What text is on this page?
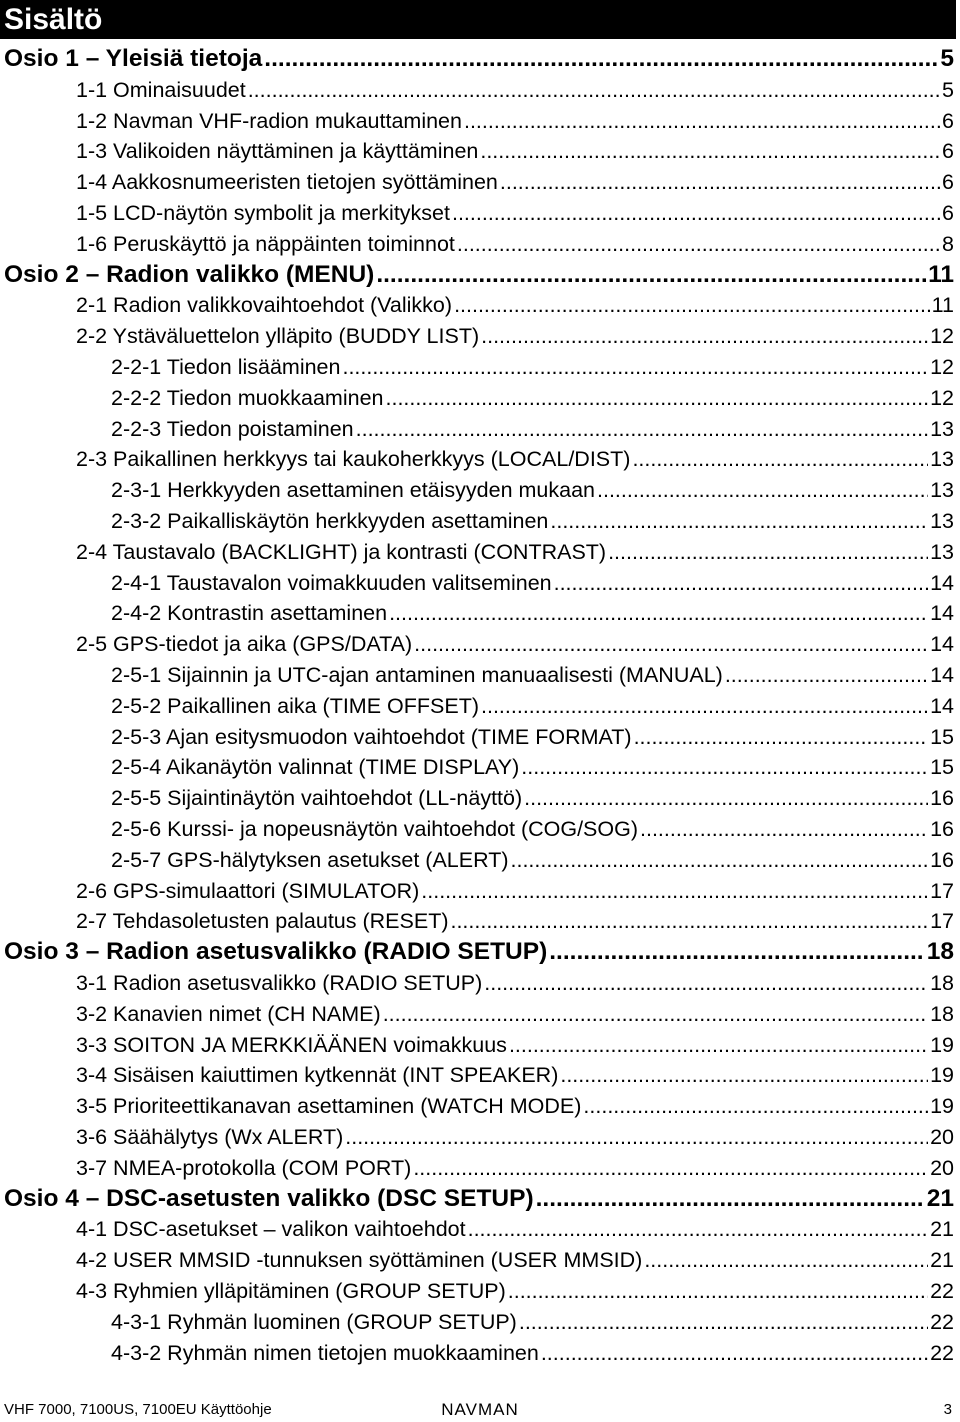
Sisältö
Osio 1 – Yleisiä tietoja .....	5
1-1 Ominaisuudet .....	5
1-2 Navman VHF-radion mukauttaminen .....	6
1-3 Valikoiden näyttäminen ja käyttäminen .....	6
1-4 Aakkosnumeeristen tietojen syöttäminen .....	6
1-5 LCD-näytön symbolit ja merkitykset .....	6
1-6 Peruskäyttö ja näppäinten toiminnot .....	8
Osio 2 – Radion valikko (MENU) .....	11
2-1 Radion valikkovaihtoehdot (Valikko) .....	11
2-2 Ystäväluettelon ylläpito (BUDDY LIST) .....	12
2-2-1 Tiedon lisääminen .....	12
2-2-2 Tiedon muokkaaminen .....	12
2-2-3 Tiedon poistaminen .....	13
2-3 Paikallinen herkkyys tai kaukoherkkyys (LOCAL/DIST) .....	13
2-3-1 Herkkyyden asettaminen etäisyyden mukaan .....	13
2-3-2 Paikalliskäytön herkkyyden asettaminen .....	13
2-4 Taustavalo (BACKLIGHT) ja kontrasti (CONTRAST) .....	13
2-4-1 Taustavalon voimakkuuden valitseminen .....	14
2-4-2 Kontrastin asettaminen .....	14
2-5 GPS-tiedot ja aika (GPS/DATA) .....	14
2-5-1 Sijainnin ja UTC-ajan antaminen manuaalisesti (MANUAL) .....	14
2-5-2 Paikallinen aika (TIME OFFSET) .....	14
2-5-3 Ajan esitysmuodon vaihtoehdot (TIME FORMAT) .....	15
2-5-4 Aikanäytön valinnat (TIME DISPLAY) .....	15
2-5-5 Sijaintinäytön vaihtoehdot (LL-näyttö) .....	16
2-5-6 Kurssi- ja nopeusnäytön vaihtoehdot (COG/SOG) .....	16
2-5-7 GPS-hälytyksen asetukset (ALERT) .....	16
2-6 GPS-simulaattori (SIMULATOR) .....	17
2-7 Tehdasoletusten palautus (RESET) .....	17
Osio 3 – Radion asetusvalikko (RADIO SETUP) .....	18
3-1 Radion asetusvalikko (RADIO SETUP) .....	18
3-2 Kanavien nimet (CH NAME) .....	18
3-3 SOITON JA MERKKIÄÄNEN voimakkuus .....	19
3-4 Sisäisen kaiuttimen kytkennät (INT SPEAKER) .....	19
3-5 Prioriteettikanavan asettaminen (WATCH MODE) .....	19
3-6 Säähälytys (Wx ALERT) .....	20
3-7 NMEA-protokolla (COM PORT) .....	20
Osio 4 – DSC-asetusten valikko (DSC SETUP) .....	21
4-1 DSC-asetukset – valikon vaihtoehdot .....	21
4-2 USER MMSID -tunnuksen syöttäminen (USER MMSID) .....	21
4-3 Ryhmien ylläpitäminen (GROUP SETUP) .....	22
4-3-1 Ryhmän luominen (GROUP SETUP) .....	22
4-3-2 Ryhmän nimen tietojen muokkaaminen .....	22
VHF 7000, 7100US, 7100EU Käyttöohje	NAVMAN	3
